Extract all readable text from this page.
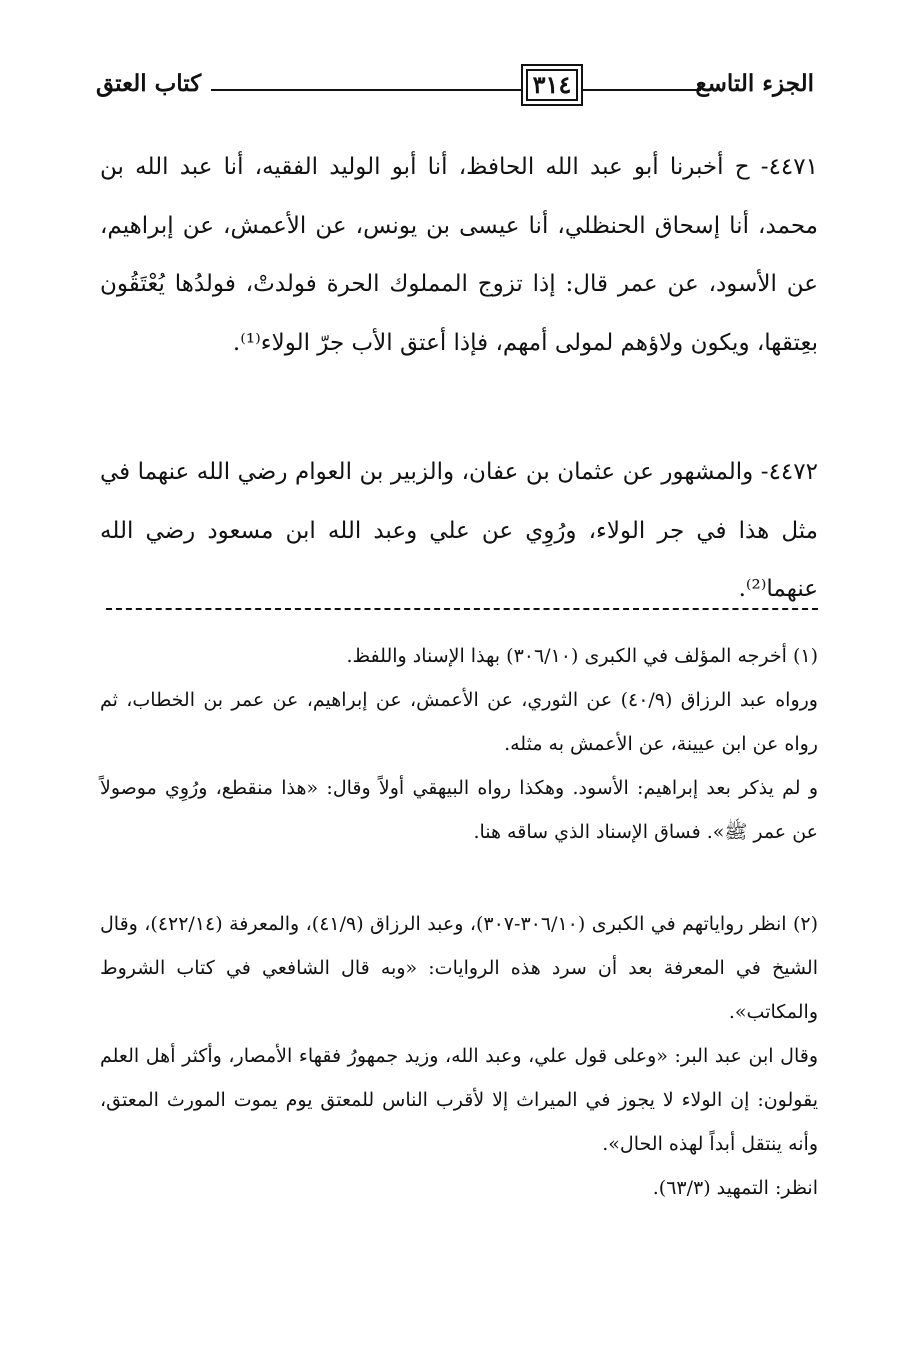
الجزء التاسع
٣١٤
كتاب العتق

٤٤٧١- ح أخبرنا أبو عبد الله الحافظ، أنا أبو الوليد الفقيه، أنا عبد الله بن محمد، أنا إسحاق الحنظلي، أنا عيسى بن يونس، عن الأعمش، عن إبراهيم، عن الأسود، عن عمر قال: إذا تزوج المملوك الحرة فولدتْ، فولدُها يُعْتَقُون بعِتقها، ويكون ولاؤهم لمولى أمهم، فإذا أعتق الأب جرّ الولاء⁽¹⁾.

٤٤٧٢- والمشهور عن عثمان بن عفان، والزبير بن العوام رضي الله عنهما في مثل هذا في جر الولاء، ورُوِي عن علي وعبد الله ابن مسعود رضي الله عنهما⁽²⁾.

(١) أخرجه المؤلف في الكبرى (٣٠٦/١٠) بهذا الإسناد واللفظ.
ورواه عبد الرزاق (٤٠/٩) عن الثوري، عن الأعمش، عن إبراهيم، عن عمر بن الخطاب، ثم رواه عن ابن عيينة، عن الأعمش به مثله.
و لم يذكر بعد إبراهيم: الأسود. وهكذا رواه البيهقي أولاً وقال: «هذا منقطع، ورُوِي موصولاً عن عمر ﷺ». فساق الإسناد الذي ساقه هنا.
(٢) انظر رواياتهم في الكبرى (٣٠٦/١٠-٣٠٧)، وعبد الرزاق (٤١/٩)، والمعرفة (٤٢٢/١٤)، وقال الشيخ في المعرفة بعد أن سرد هذه الروايات: «وبه قال الشافعي في كتاب الشروط والمكاتب».
وقال ابن عبد البر: «وعلى قول علي، وعبد الله، وزيد جمهورُ فقهاء الأمصار، وأكثر أهل العلم يقولون: إن الولاء لا يجوز في الميراث إلا لأقرب الناس للمعتق يوم يموت المورث المعتق، وأنه ينتقل أبداً لهذه الحال».
انظر: التمهيد (٦٣/٣).
